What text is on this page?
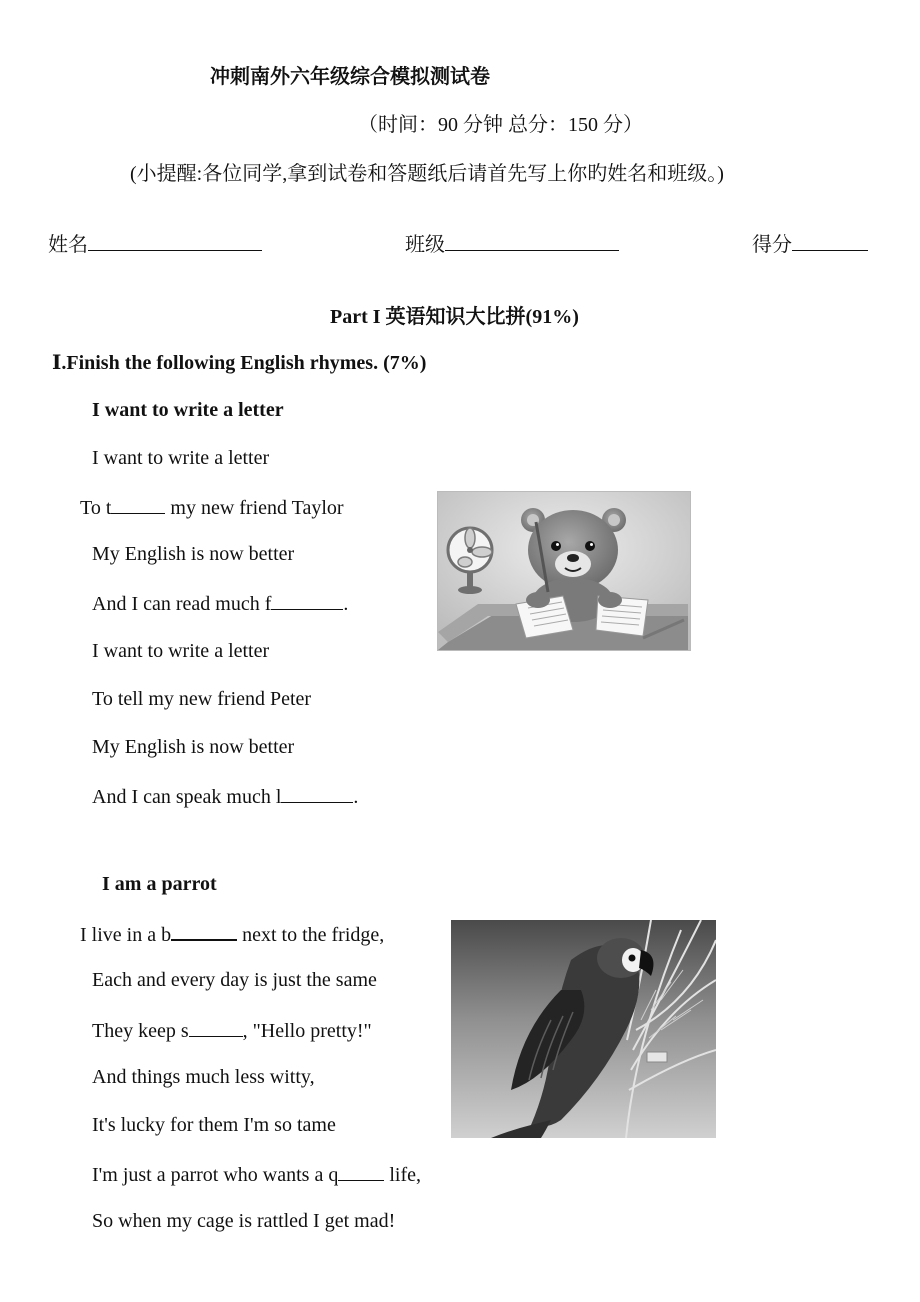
冲刺南外六年级综合模拟测试卷
（时间：90 分钟 总分：150 分）
(小提醒:各位同学,拿到试卷和答题纸后请首先写上你旳姓名和班级。)
姓名	班级	得分
Part I 英语知识大比拼(91%)
Ⅰ.Finish the following English rhymes. (7%)
I want to write a letter
I want to write a letter
To t	my new friend Taylor
My English is now better
And I can read much f	.
I want to write a letter
To tell my new friend Peter
My English is now better
And I can speak much l	.
I am a parrot
I live in a b	next to the fridge,
Each and every day is just the same
They keep s	, "Hello pretty!"
And things much less witty,
It's lucky for them I'm so tame
I'm just a parrot who wants a q life,
So when my cage is rattled I get mad!
